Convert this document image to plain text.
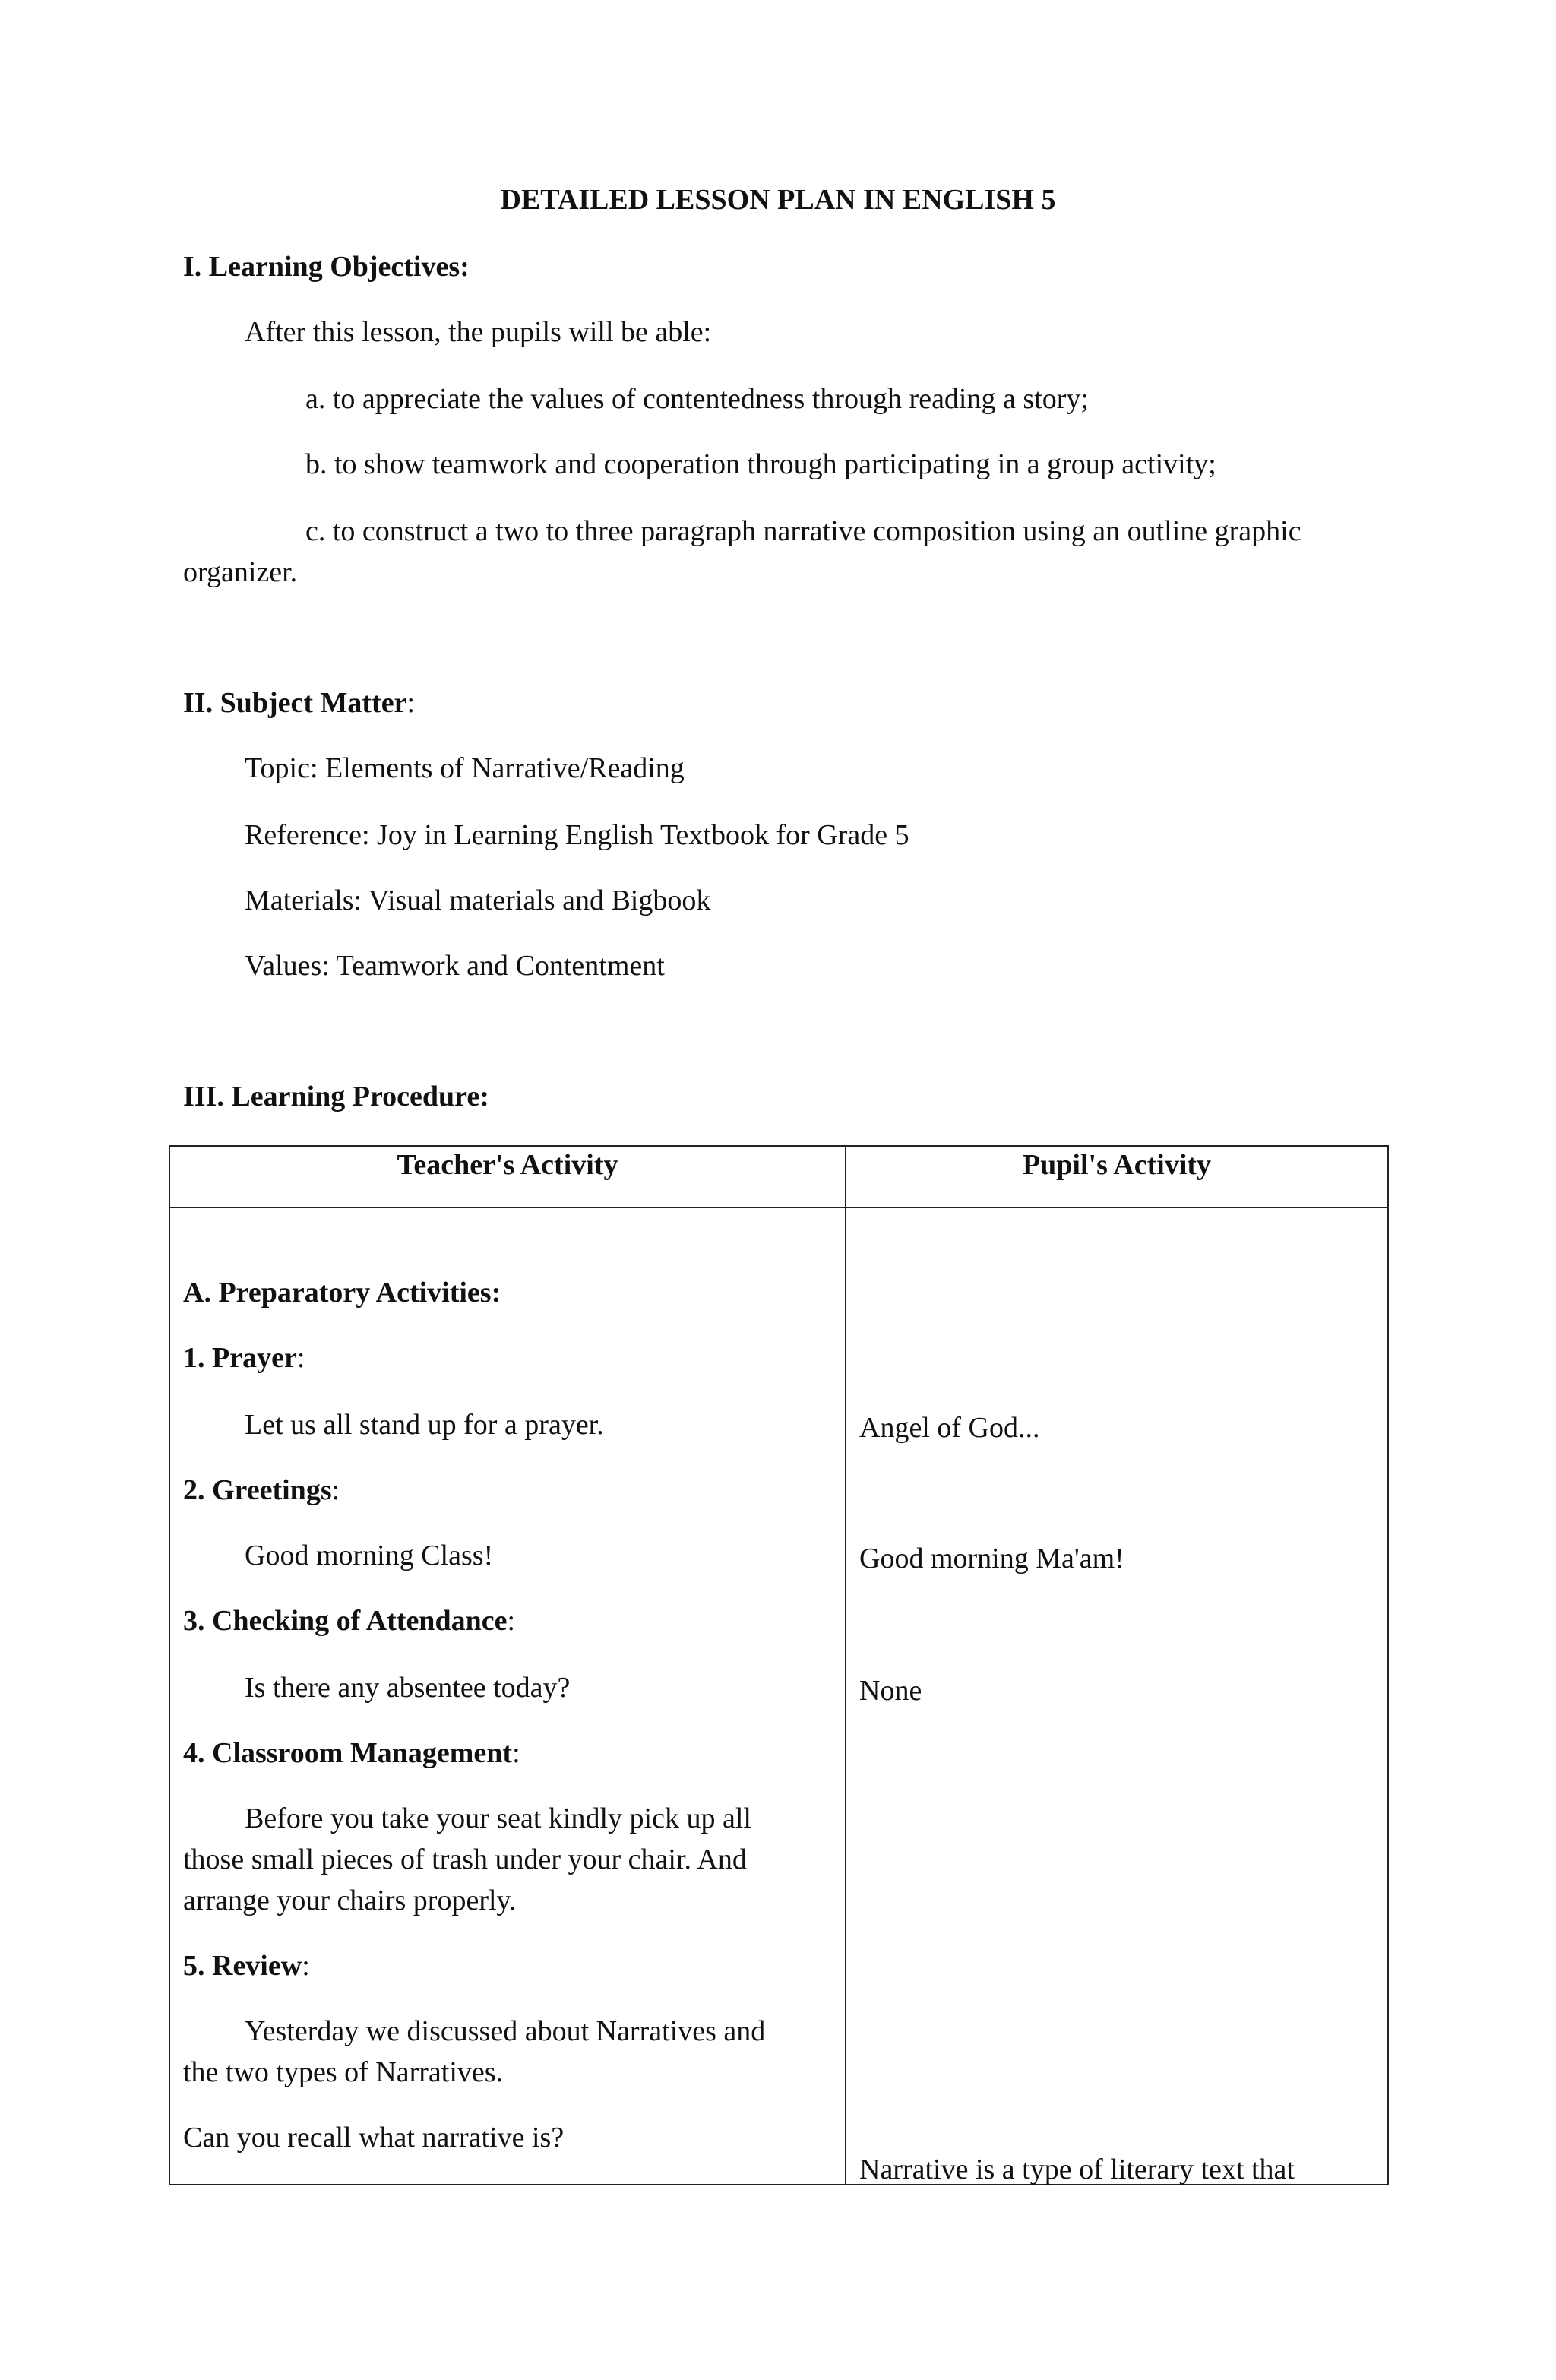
DETAILED LESSON PLAN IN ENGLISH 5

I. Learning Objectives:

After this lesson, the pupils will be able:

a. to appreciate the values of contentedness through reading a story;

b. to show teamwork and cooperation through participating in a group activity;

c. to construct a two to three paragraph narrative composition using an outline graphic

organizer.

II. Subject Matter:

Topic: Elements of Narrative/Reading

Reference: Joy in Learning English Textbook for Grade 5

Materials: Visual materials and Bigbook

Values: Teamwork and Contentment

III. Learning Procedure:

Teacher's Activity	Pupil's Activity

A. Preparatory Activities:

1. Prayer:

Let us all stand up for a prayer.

2. Greetings:

Good morning Class!

3. Checking of Attendance:

Is there any absentee today?

4. Classroom Management:

Before you take your seat kindly pick up all

those small pieces of trash under your chair. And

arrange your chairs properly.

5. Review:

Yesterday we discussed about Narratives and

the two types of Narratives.

Can you recall what narrative is?

Angel of God...

Good morning Ma'am!

None

Narrative is a type of literary text that
